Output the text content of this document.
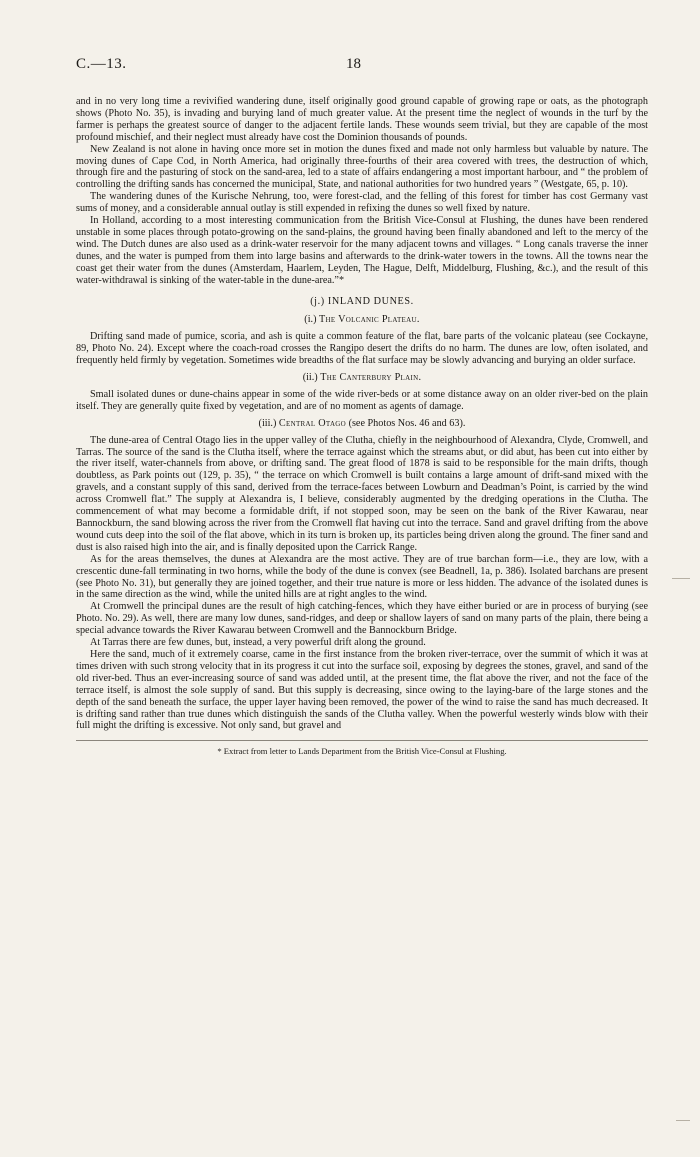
C.—13.	18

and in no very long time a revivified wandering dune, itself originally good ground capable of growing rape or oats, as the photograph shows (Photo No. 35), is invading and burying land of much greater value. At the present time the neglect of wounds in the turf by the farmer is perhaps the greatest source of danger to the adjacent fertile lands. These wounds seem trivial, but they are capable of the most profound mischief, and their neglect must already have cost the Dominion thousands of pounds.

New Zealand is not alone in having once more set in motion the dunes fixed and made not only harmless but valuable by nature. The moving dunes of Cape Cod, in North America, had originally three-fourths of their area covered with trees, the destruction of which, through fire and the pasturing of stock on the sand-area, led to a state of affairs endangering a most important harbour, and “ the problem of controlling the drifting sands has concerned the municipal, State, and national authorities for two hundred years ” (Westgate, 65, p. 10).

The wandering dunes of the Kurische Nehrung, too, were forest-clad, and the felling of this forest for timber has cost Germany vast sums of money, and a considerable annual outlay is still expended in refixing the dunes so well fixed by nature.

In Holland, according to a most interesting communication from the British Vice-Consul at Flushing, the dunes have been rendered unstable in some places through potato-growing on the sand-plains, the ground having been finally abandoned and left to the mercy of the wind. The Dutch dunes are also used as a drink-water reservoir for the many adjacent towns and villages. “ Long canals traverse the inner dunes, and the water is pumped from them into large basins and afterwards to the drink-water towers in the towns. All the towns near the coast get their water from the dunes (Amsterdam, Haarlem, Leyden, The Hague, Delft, Middelburg, Flushing, &c.), and the result of this water-withdrawal is sinking of the water-table in the dune-area.”*

(j.) INLAND DUNES.
(i.) The Volcanic Plateau.

Drifting sand made of pumice, scoria, and ash is quite a common feature of the flat, bare parts of the volcanic plateau (see Cockayne, 89, Photo No. 24). Except where the coach-road crosses the Rangipo desert the drifts do no harm. The dunes are low, often isolated, and frequently held firmly by vegetation. Sometimes wide breadths of the flat surface may be slowly advancing and burying an older surface.

(ii.) The Canterbury Plain.

Small isolated dunes or dune-chains appear in some of the wide river-beds or at some distance away on an older river-bed on the plain itself. They are generally quite fixed by vegetation, and are of no moment as agents of damage.

(iii.) Central Otago (see Photos Nos. 46 and 63).

The dune-area of Central Otago lies in the upper valley of the Clutha, chiefly in the neighbourhood of Alexandra, Clyde, Cromwell, and Tarras. The source of the sand is the Clutha itself, where the terrace against which the streams abut, or did abut, has been cut into either by the river itself, water-channels from above, or drifting sand. The great flood of 1878 is said to be responsible for the main drifts, though doubtless, as Park points out (129, p. 35), “ the terrace on which Cromwell is built contains a large amount of drift-sand mixed with the gravels, and a constant supply of this sand, derived from the terrace-faces between Lowburn and Deadman’s Point, is carried by the wind across Cromwell flat.” The supply at Alexandra is, I believe, considerably augmented by the dredging operations in the Clutha. The commencement of what may become a formidable drift, if not stopped soon, may be seen on the bank of the River Kawarau, near Bannockburn, the sand blowing across the river from the Cromwell flat having cut into the terrace. Sand and gravel drifting from the above wound cuts deep into the soil of the flat above, which in its turn is broken up, its particles being driven along the ground. The finer sand and dust is also raised high into the air, and is finally deposited upon the Carrick Range.

As for the areas themselves, the dunes at Alexandra are the most active. They are of true barchan form—i.e., they are low, with a crescentic dune-fall terminating in two horns, while the body of the dune is convex (see Beadnell, 1a, p. 386). Isolated barchans are present (see Photo No. 31), but generally they are joined together, and their true nature is more or less hidden. The advance of the isolated dunes is in the same direction as the wind, while the united hills are at right angles to the wind.

At Cromwell the principal dunes are the result of high catching-fences, which they have either buried or are in process of burying (see Photo. No. 29). As well, there are many low dunes, sand-ridges, and deep or shallow layers of sand on many parts of the plain, there being a special advance towards the River Kawarau between Cromwell and the Bannockburn Bridge.

At Tarras there are few dunes, but, instead, a very powerful drift along the ground.

Here the sand, much of it extremely coarse, came in the first instance from the broken river-terrace, over the summit of which it was at times driven with such strong velocity that in its progress it cut into the surface soil, exposing by degrees the stones, gravel, and sand of the old river-bed. Thus an ever-increasing source of sand was added until, at the present time, the flat above the river, and not the face of the terrace itself, is almost the sole supply of sand. But this supply is decreasing, since owing to the laying-bare of the large stones and the depth of the sand beneath the surface, the upper layer having been removed, the power of the wind to raise the sand has much decreased. It is drifting sand rather than true dunes which distinguish the sands of the Clutha valley. When the powerful westerly winds blow with their full might the drifting is excessive. Not only sand, but gravel and

* Extract from letter to Lands Department from the British Vice-Consul at Flushing.
